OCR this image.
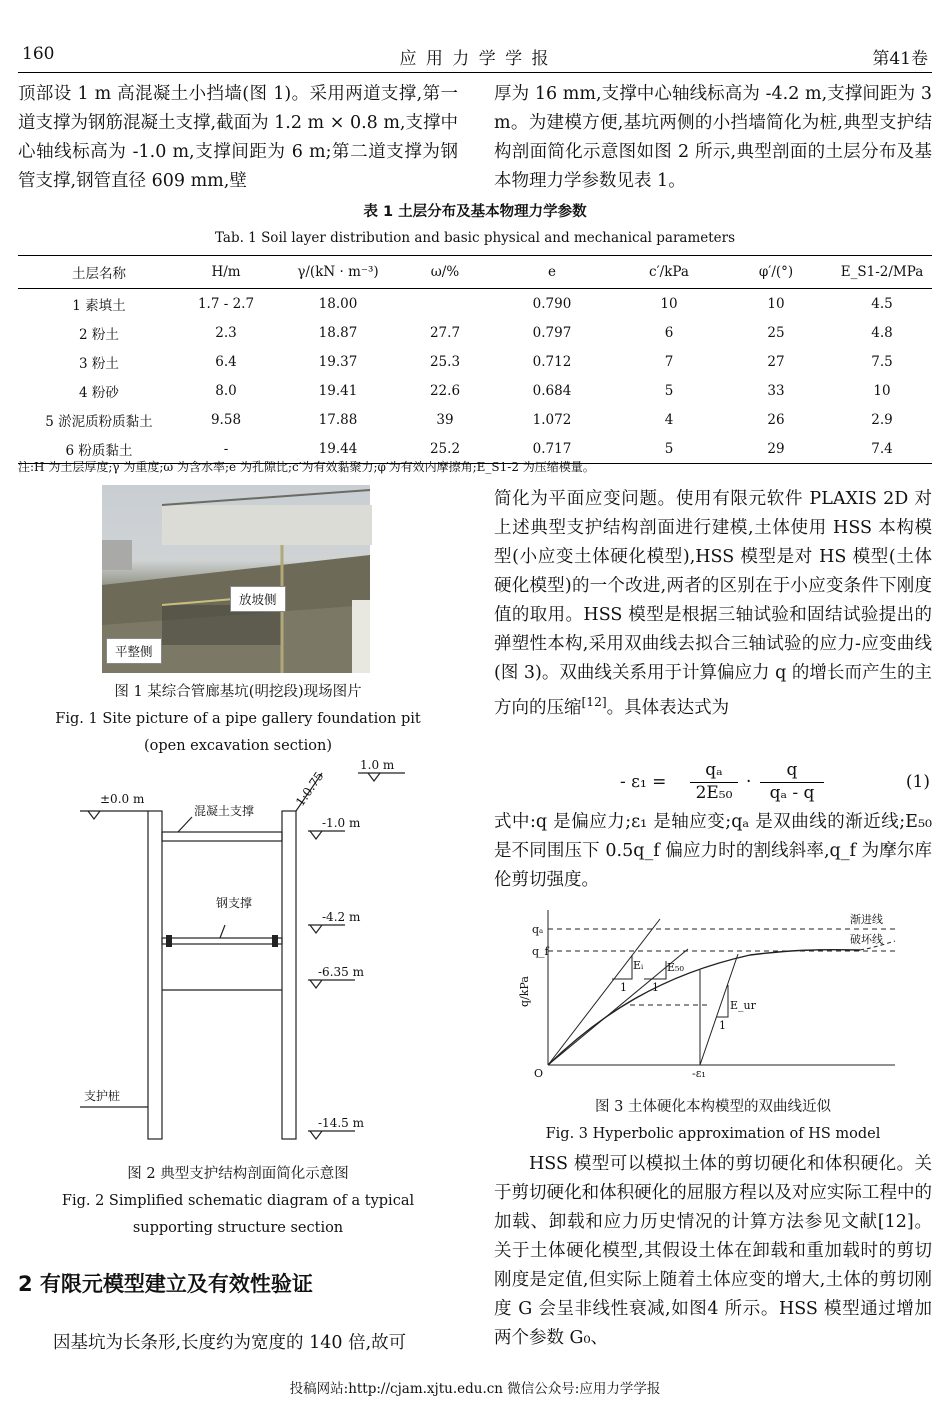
160	应 用 力 学 学 报	第41卷
顶部设 1 m 高混凝土小挡墙(图 1)。采用两道支撑,第一道支撑为钢筋混凝土支撑,截面为 1.2 m × 0.8 m,支撑中心轴线标高为 -1.0 m,支撑间距为 6 m;第二道支撑为钢管支撑,钢管直径 609 mm,壁
厚为 16 mm,支撑中心轴线标高为 -4.2 m,支撑间距为 3 m。为建模方便,基坑两侧的小挡墙简化为桩,典型支护结构剖面简化示意图如图 2 所示,典型剖面的土层分布及基本物理力学参数见表 1。
表 1 土层分布及基本物理力学参数
Tab. 1 Soil layer distribution and basic physical and mechanical parameters
土层名称	H/m	γ/(kN · m⁻³)	ω/%	e	c′/kPa	φ′/(°)	E_S1-2/MPa
1 素填土	1.7 - 2.7	18.00		0.790	10	10	4.5
2 粉土	2.3	18.87	27.7	0.797	6	25	4.8
3 粉土	6.4	19.37	25.3	0.712	7	27	7.5
4 粉砂	8.0	19.41	22.6	0.684	5	33	10
5 淤泥质粉质黏土	9.58	17.88	39	1.072	4	26	2.9
6 粉质黏土	-	19.44	25.2	0.717	5	29	7.4
注:H 为土层厚度;γ 为重度;ω 为含水率;e 为孔隙比;c′为有效黏聚力;φ′为有效内摩擦角;E_S1-2 为压缩模量。
放坡侧
平整侧
图 1 某综合管廊基坑(明挖段)现场图片
Fig. 1 Site picture of a pipe gallery foundation pit
(open excavation section)
±0.0 m
1.0 m
1:0.75
混凝土支撑
-1.0 m
钢支撑
-4.2 m
-6.35 m
支护桩
-14.5 m
图 2 典型支护结构剖面简化示意图
Fig. 2 Simplified schematic diagram of a typical
supporting structure section
2 有限元模型建立及有效性验证
因基坑为长条形,长度约为宽度的 140 倍,故可
简化为平面应变问题。使用有限元软件 PLAXIS 2D 对上述典型支护结构剖面进行建模,土体使用 HSS 本构模型(小应变土体硬化模型),HSS 模型是对 HS 模型(土体硬化模型)的一个改进,两者的区别在于小应变条件下刚度值的取用。HSS 模型是根据三轴试验和固结试验提出的弹塑性本构,采用双曲线去拟合三轴试验的应力-应变曲线(图 3)。双曲线关系用于计算偏应力 q 的增长而产生的主方向的压缩[12]。具体表达式为
- ε₁ =
qₐ
2E₅₀
·
q
qₐ - q
(1)
式中:q 是偏应力;ε₁ 是轴应变;qₐ 是双曲线的渐近线;E₅₀ 是不同围压下 0.5q_f 偏应力时的割线斜率,q_f 为摩尔库伦剪切强度。
q/kPa
qₐ
q_f
O
渐进线
破坏线
Eᵢ E₅₀
E_ur
1 1
1
-ε₁
图 3 土体硬化本构模型的双曲线近似
Fig. 3 Hyperbolic approximation of HS model
HSS 模型可以模拟土体的剪切硬化和体积硬化。关于剪切硬化和体积硬化的屈服方程以及对应实际工程中的加载、卸载和应力历史情况的计算方法参见文献[12]。关于土体硬化模型,其假设土体在卸载和重加载时的剪切刚度是定值,但实际上随着土体应变的增大,土体的剪切刚度 G 会呈非线性衰减,如图4 所示。HSS 模型通过增加两个参数 G₀、
投稿网站:http://cjam.xjtu.edu.cn 微信公众号:应用力学学报
